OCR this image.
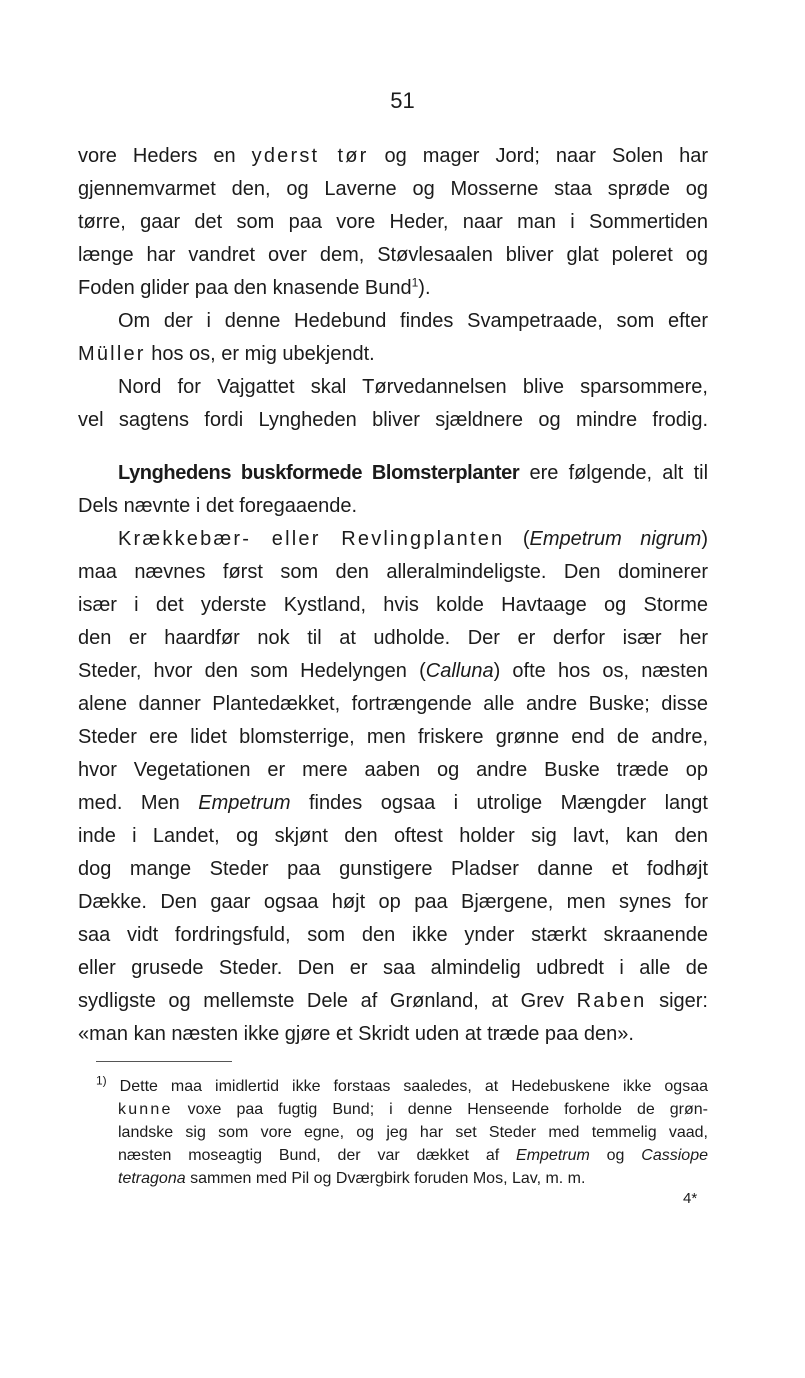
51
vore Heders en yderst tør og mager Jord; naar Solen har
gjennemvarmet den, og Laverne og Mosserne staa sprøde og
tørre, gaar det som paa vore Heder, naar man i Sommertiden
længe har vandret over dem, Støvlesaalen bliver glat poleret og
Foden glider paa den knasende Bund$^1$).
Om der i denne Hedebund findes Svampetraade, som efter
Müller hos os, er mig ubekjendt.
Nord for Vajgattet skal Tørvedannelsen blive sparsommere,
vel sagtens fordi Lyngheden bliver sjældnere og mindre frodig.
Lynghedens buskformede Blomsterplanter ere følgende, alt til
Dels nævnte i det foregaaende.
Krækkebær- eller Revlingplanten (Empetrum nigrum)
maa nævnes først som den alleralmindeligste. Den dominerer
især i det yderste Kystland, hvis kolde Havtaage og Storme
den er haardfør nok til at udholde. Der er derfor især her
Steder, hvor den som Hedelyngen (Calluna) ofte hos os, næsten
alene danner Plantedækket, fortrængende alle andre Buske; disse
Steder ere lidet blomsterrige, men friskere grønne end de andre,
hvor Vegetationen er mere aaben og andre Buske træde op
med. Men Empetrum findes ogsaa i utrolige Mængder langt
inde i Landet, og skjønt den oftest holder sig lavt, kan den
dog mange Steder paa gunstigere Pladser danne et fodhøjt
Dække. Den gaar ogsaa højt op paa Bjærgene, men synes for
saa vidt fordringsfuld, som den ikke ynder stærkt skraanende
eller grusede Steder. Den er saa almindelig udbredt i alle de
sydligste og mellemste Dele af Grønland, at Grev Raben siger:
«man kan næsten ikke gjøre et Skridt uden at træde paa den».
$^{1)}$ Dette maa imidlertid ikke forstaas saaledes, at Hedebuskene ikke ogsaa
kunne voxe paa fugtig Bund; i denne Henseende forholde de grøn-
landske sig som vore egne, og jeg har set Steder med temmelig vaad,
næsten moseagtig Bund, der var dækket af Empetrum og Cassiope
tetragona sammen med Pil og Dværgbirk foruden Mos, Lav, m. m.
4*
